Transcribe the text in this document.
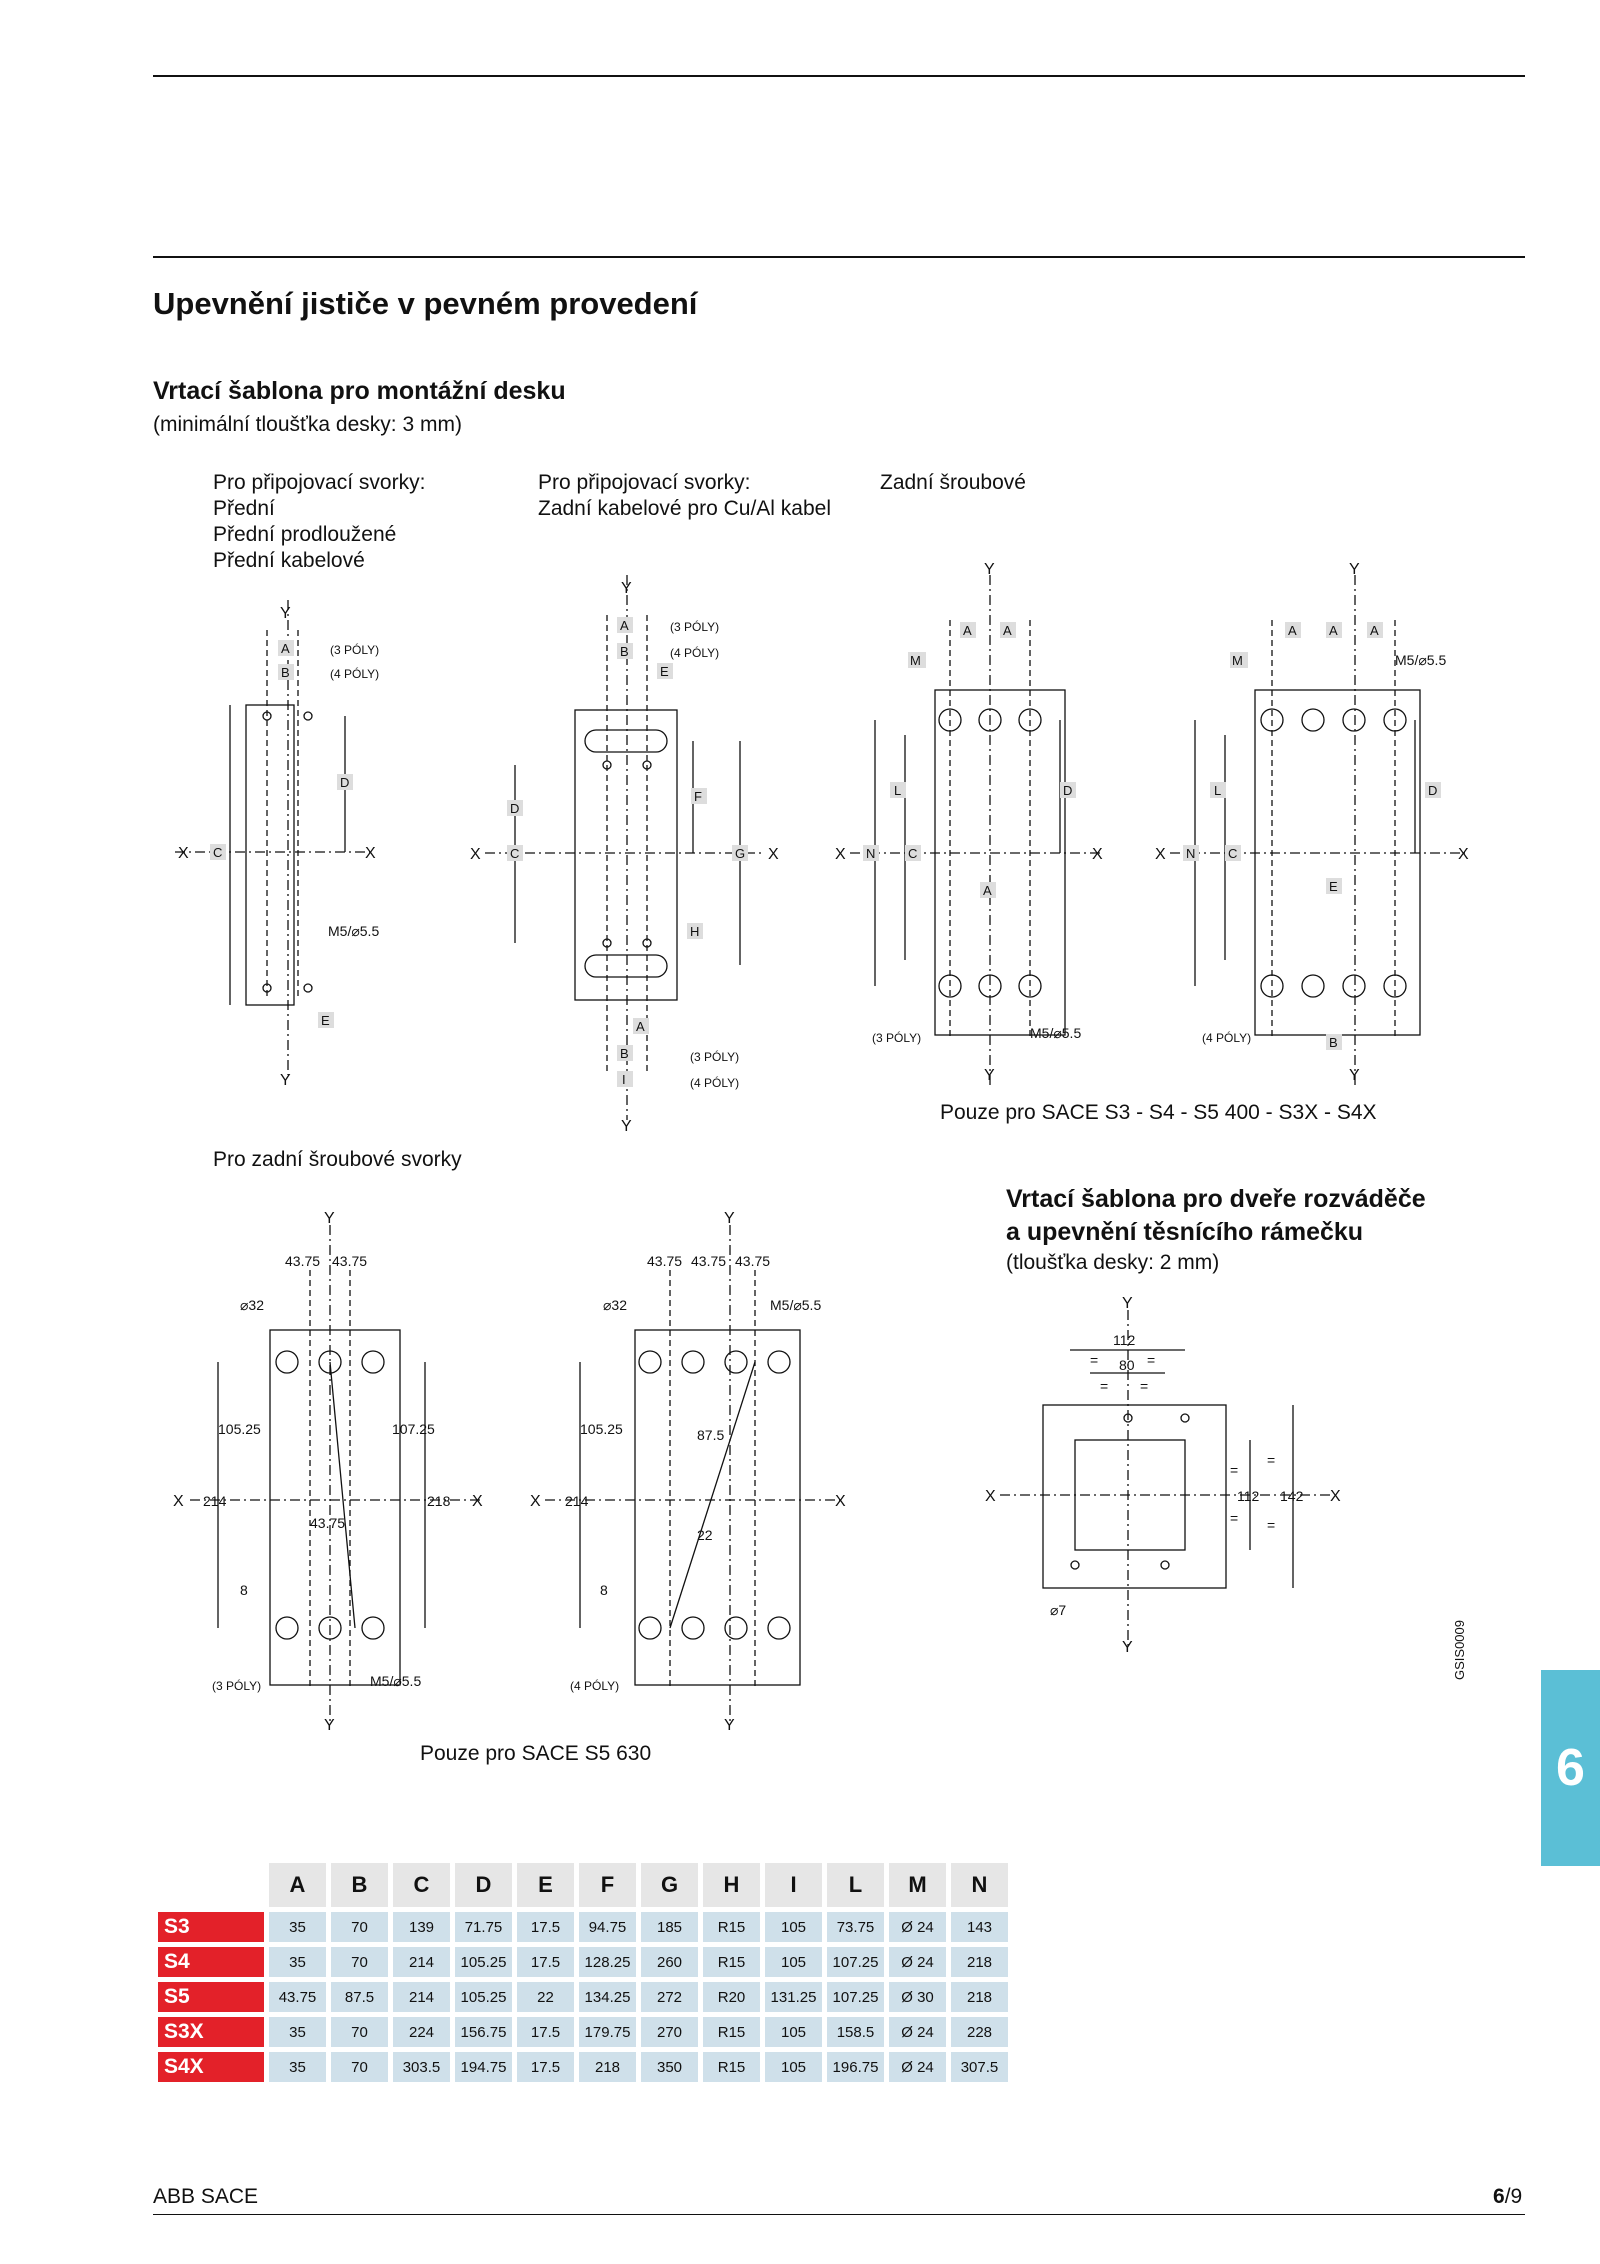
Upevnění jističe v pevném provedení
Vrtací šablona pro montážní desku
(minimální tloušťka desky: 3 mm)
Pro připojovací svorky:
Přední
Přední prodloužené
Přední kabelové
Pro připojovací svorky:
Zadní kabelové pro Cu/Al kabel
Zadní šroubové
Y
Y
X	X
A	(3 PÓLY)
B	(4 PÓLY)
D
C
M5/⌀5.5
E
Y
Y
X	X
A	(3 PÓLY)
B	(4 PÓLY)
E
D
F
C	G
H
A
B	(3 PÓLY)
I	(4 PÓLY)
Y
Y
X	X
A A
M
L	D
N	C
A
(3 PÓLY)	M5/⌀5.5
Y
Y
X	X
A A A
M	M5/⌀5.5
L	D
N	C
E
(4 PÓLY)	B
Pouze pro SACE S3 - S4 - S5 400 - S3X - S4X
Pro zadní šroubové svorky
Y
Y
X	X
43.75 43.75
⌀32
105.25	107.25
214	218
43.75
8
(3 PÓLY)	M5/⌀5.5
Y
Y
X	X
43.75 43.75 43.75
⌀32	M5/⌀5.5
105.25	87.5
214
22
8
(4 PÓLY)
Pouze pro SACE S5 630
Vrtací šablona pro dveře rozváděče
a upevnění těsnícího rámečku
(tloušťka desky: 2 mm)
Y
Y
X	X
112
=	=
80
= =
=
=
= =
112 142
⌀7
GSIS0009
6
	A	B	C	D	E	F	G	H	I	L	M	N
S3	35	70	139	71.75	17.5	94.75	185	R15	105	73.75	Ø 24	143
S4	35	70	214	105.25	17.5	128.25	260	R15	105	107.25	Ø 24	218
S5	43.75	87.5	214	105.25	22	134.25	272	R20	131.25	107.25	Ø 30	218
S3X	35	70	224	156.75	17.5	179.75	270	R15	105	158.5	Ø 24	228
S4X	35	70	303.5	194.75	17.5	218	350	R15	105	196.75	Ø 24	307.5
ABB SACE	6/9
